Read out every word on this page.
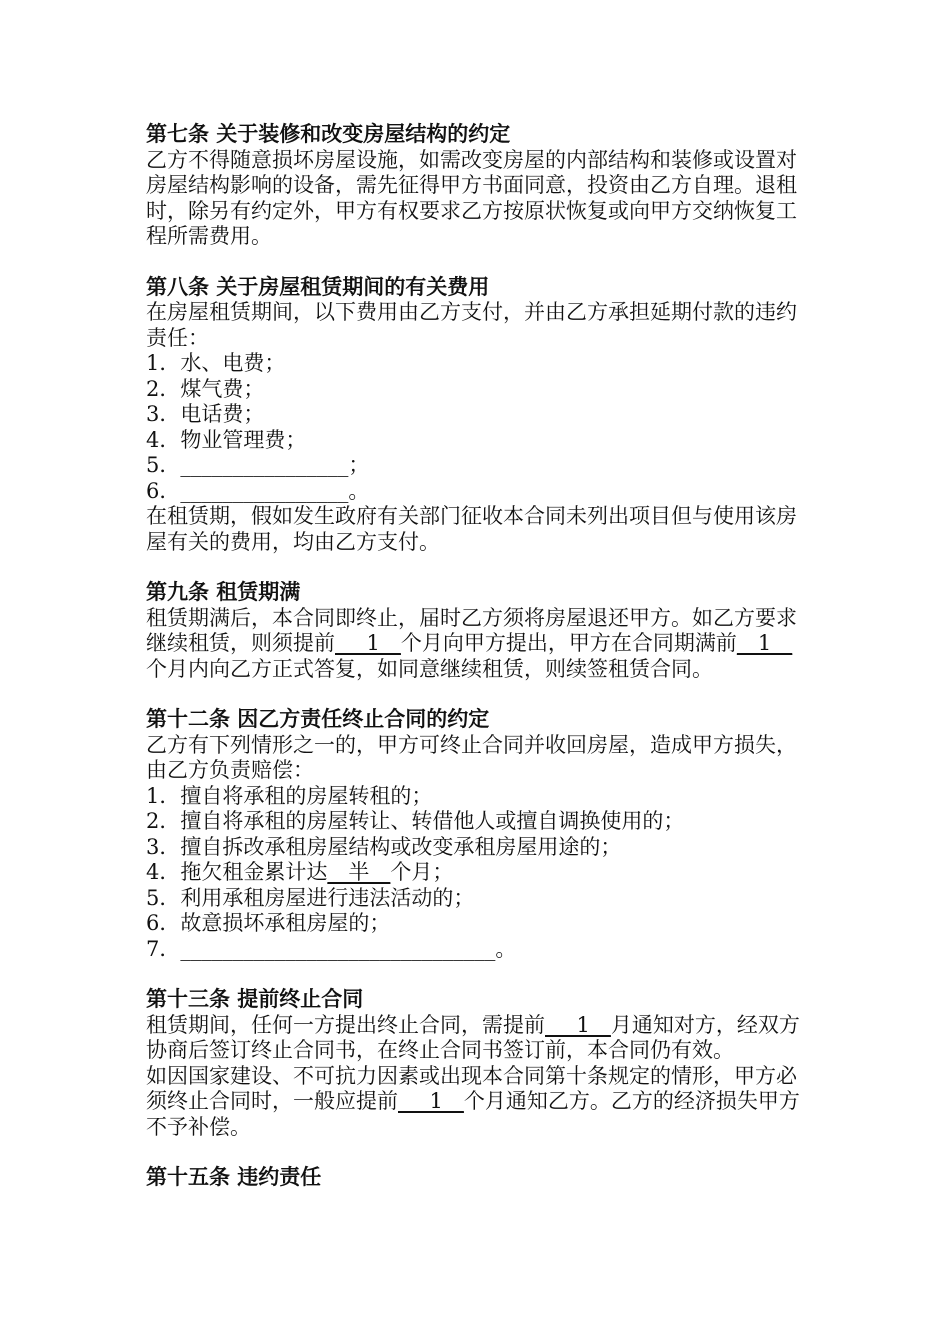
第七条 关于装修和改变房屋结构的约定

乙方不得随意损坏房屋设施，如需改变房屋的内部结构和装修或设置对房屋结构影响的设备，需先征得甲方书面同意，投资由乙方自理。退租时，除另有约定外，甲方有权要求乙方按原状恢复或向甲方交纳恢复工程所需费用。

第八条 关于房屋租赁期间的有关费用

在房屋租赁期间，以下费用由乙方支付，并由乙方承担延期付款的违约责任：

1．水、电费；

2．煤气费；

3．电话费；

4．物业管理费；

5．________________；

6．________________。

在租赁期，假如发生政府有关部门征收本合同未列出项目但与使用该房屋有关的费用，均由乙方支付。

第九条 租赁期满

租赁期满后，本合同即终止，届时乙方须将房屋退还甲方。如乙方要求继续租赁，则须提前___1__个月向甲方提出，甲方在合同期满前__1__个月内向乙方正式答复，如同意继续租赁，则续签租赁合同。

第十二条 因乙方责任终止合同的约定

乙方有下列情形之一的，甲方可终止合同并收回房屋，造成甲方损失，由乙方负责赔偿：

1．擅自将承租的房屋转租的；

2．擅自将承租的房屋转让、转借他人或擅自调换使用的；

3．擅自拆改承租房屋结构或改变承租房屋用途的；

4．拖欠租金累计达__半__个月；

5．利用承租房屋进行违法活动的；

6．故意损坏承租房屋的；

7．______________________________。

第十三条 提前终止合同

租赁期间，任何一方提出终止合同，需提前___1__月通知对方，经双方协商后签订终止合同书，在终止合同书签订前，本合同仍有效。

如因国家建设、不可抗力因素或出现本合同第十条规定的情形，甲方必须终止合同时，一般应提前___1__个月通知乙方。乙方的经济损失甲方不予补偿。

第十五条 违约责任
